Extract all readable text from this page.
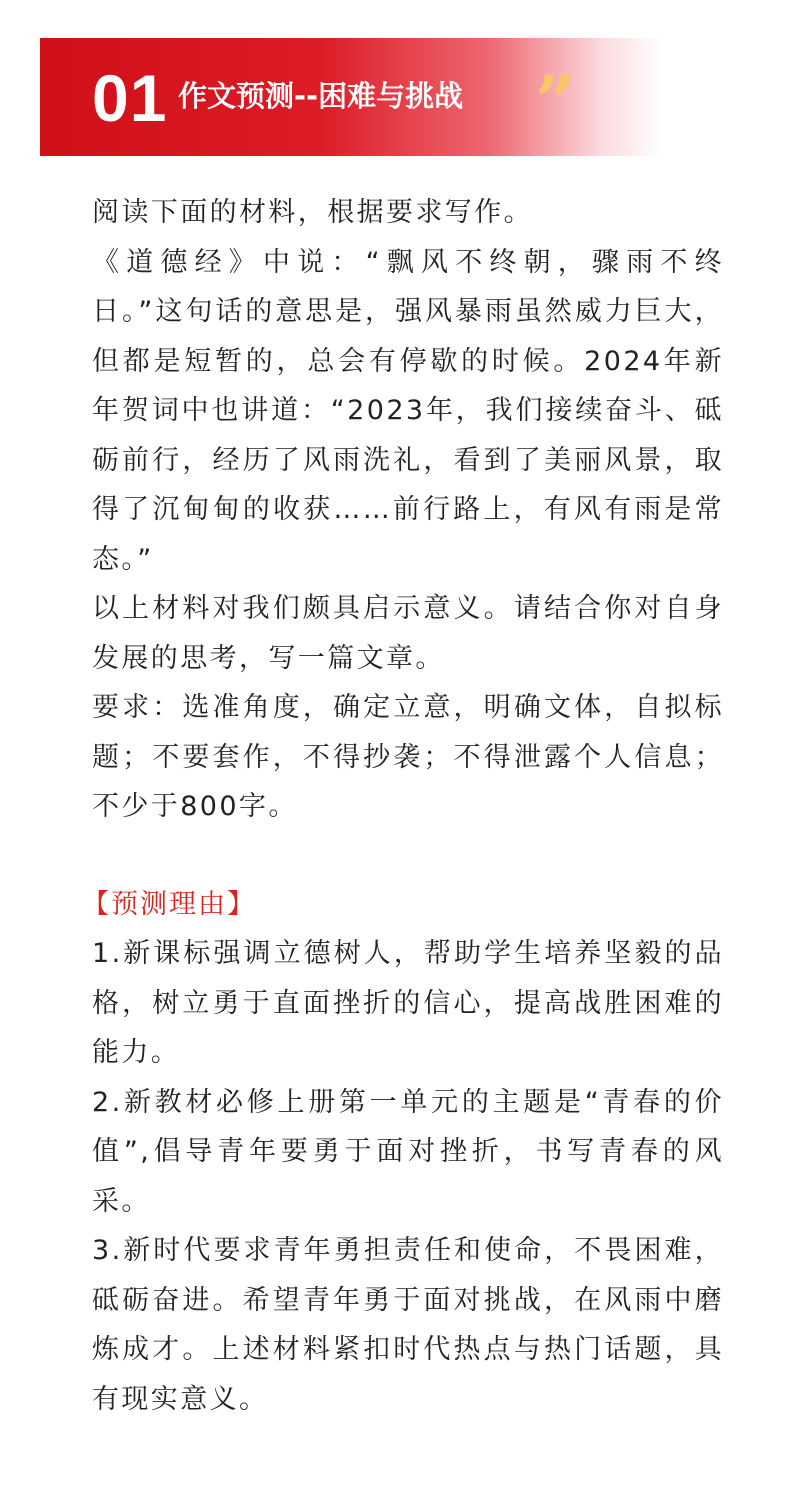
01 作文预测--困难与挑战 ”

阅读下面的材料，根据要求写作。

《道德经》中说：“飘风不终朝，骤雨不终日。”这句话的意思是，强风暴雨虽然威力巨大，但都是短暂的，总会有停歇的时候。2024年新年贺词中也讲道：“2023年，我们接续奋斗、砥砺前行，经历了风雨洗礼，看到了美丽风景，取得了沉甸甸的收获……前行路上，有风有雨是常态。”

以上材料对我们颇具启示意义。请结合你对自身发展的思考，写一篇文章。

要求：选准角度，确定立意，明确文体，自拟标题；不要套作，不得抄袭；不得泄露个人信息；不少于800字。

【预测理由】

1.新课标强调立德树人，帮助学生培养坚毅的品格，树立勇于直面挫折的信心，提高战胜困难的能力。

2.新教材必修上册第一单元的主题是“青春的价值”,倡导青年要勇于面对挫折，书写青春的风采。

3.新时代要求青年勇担责任和使命，不畏困难，砥砺奋进。希望青年勇于面对挑战，在风雨中磨炼成才。上述材料紧扣时代热点与热门话题，具有现实意义。
